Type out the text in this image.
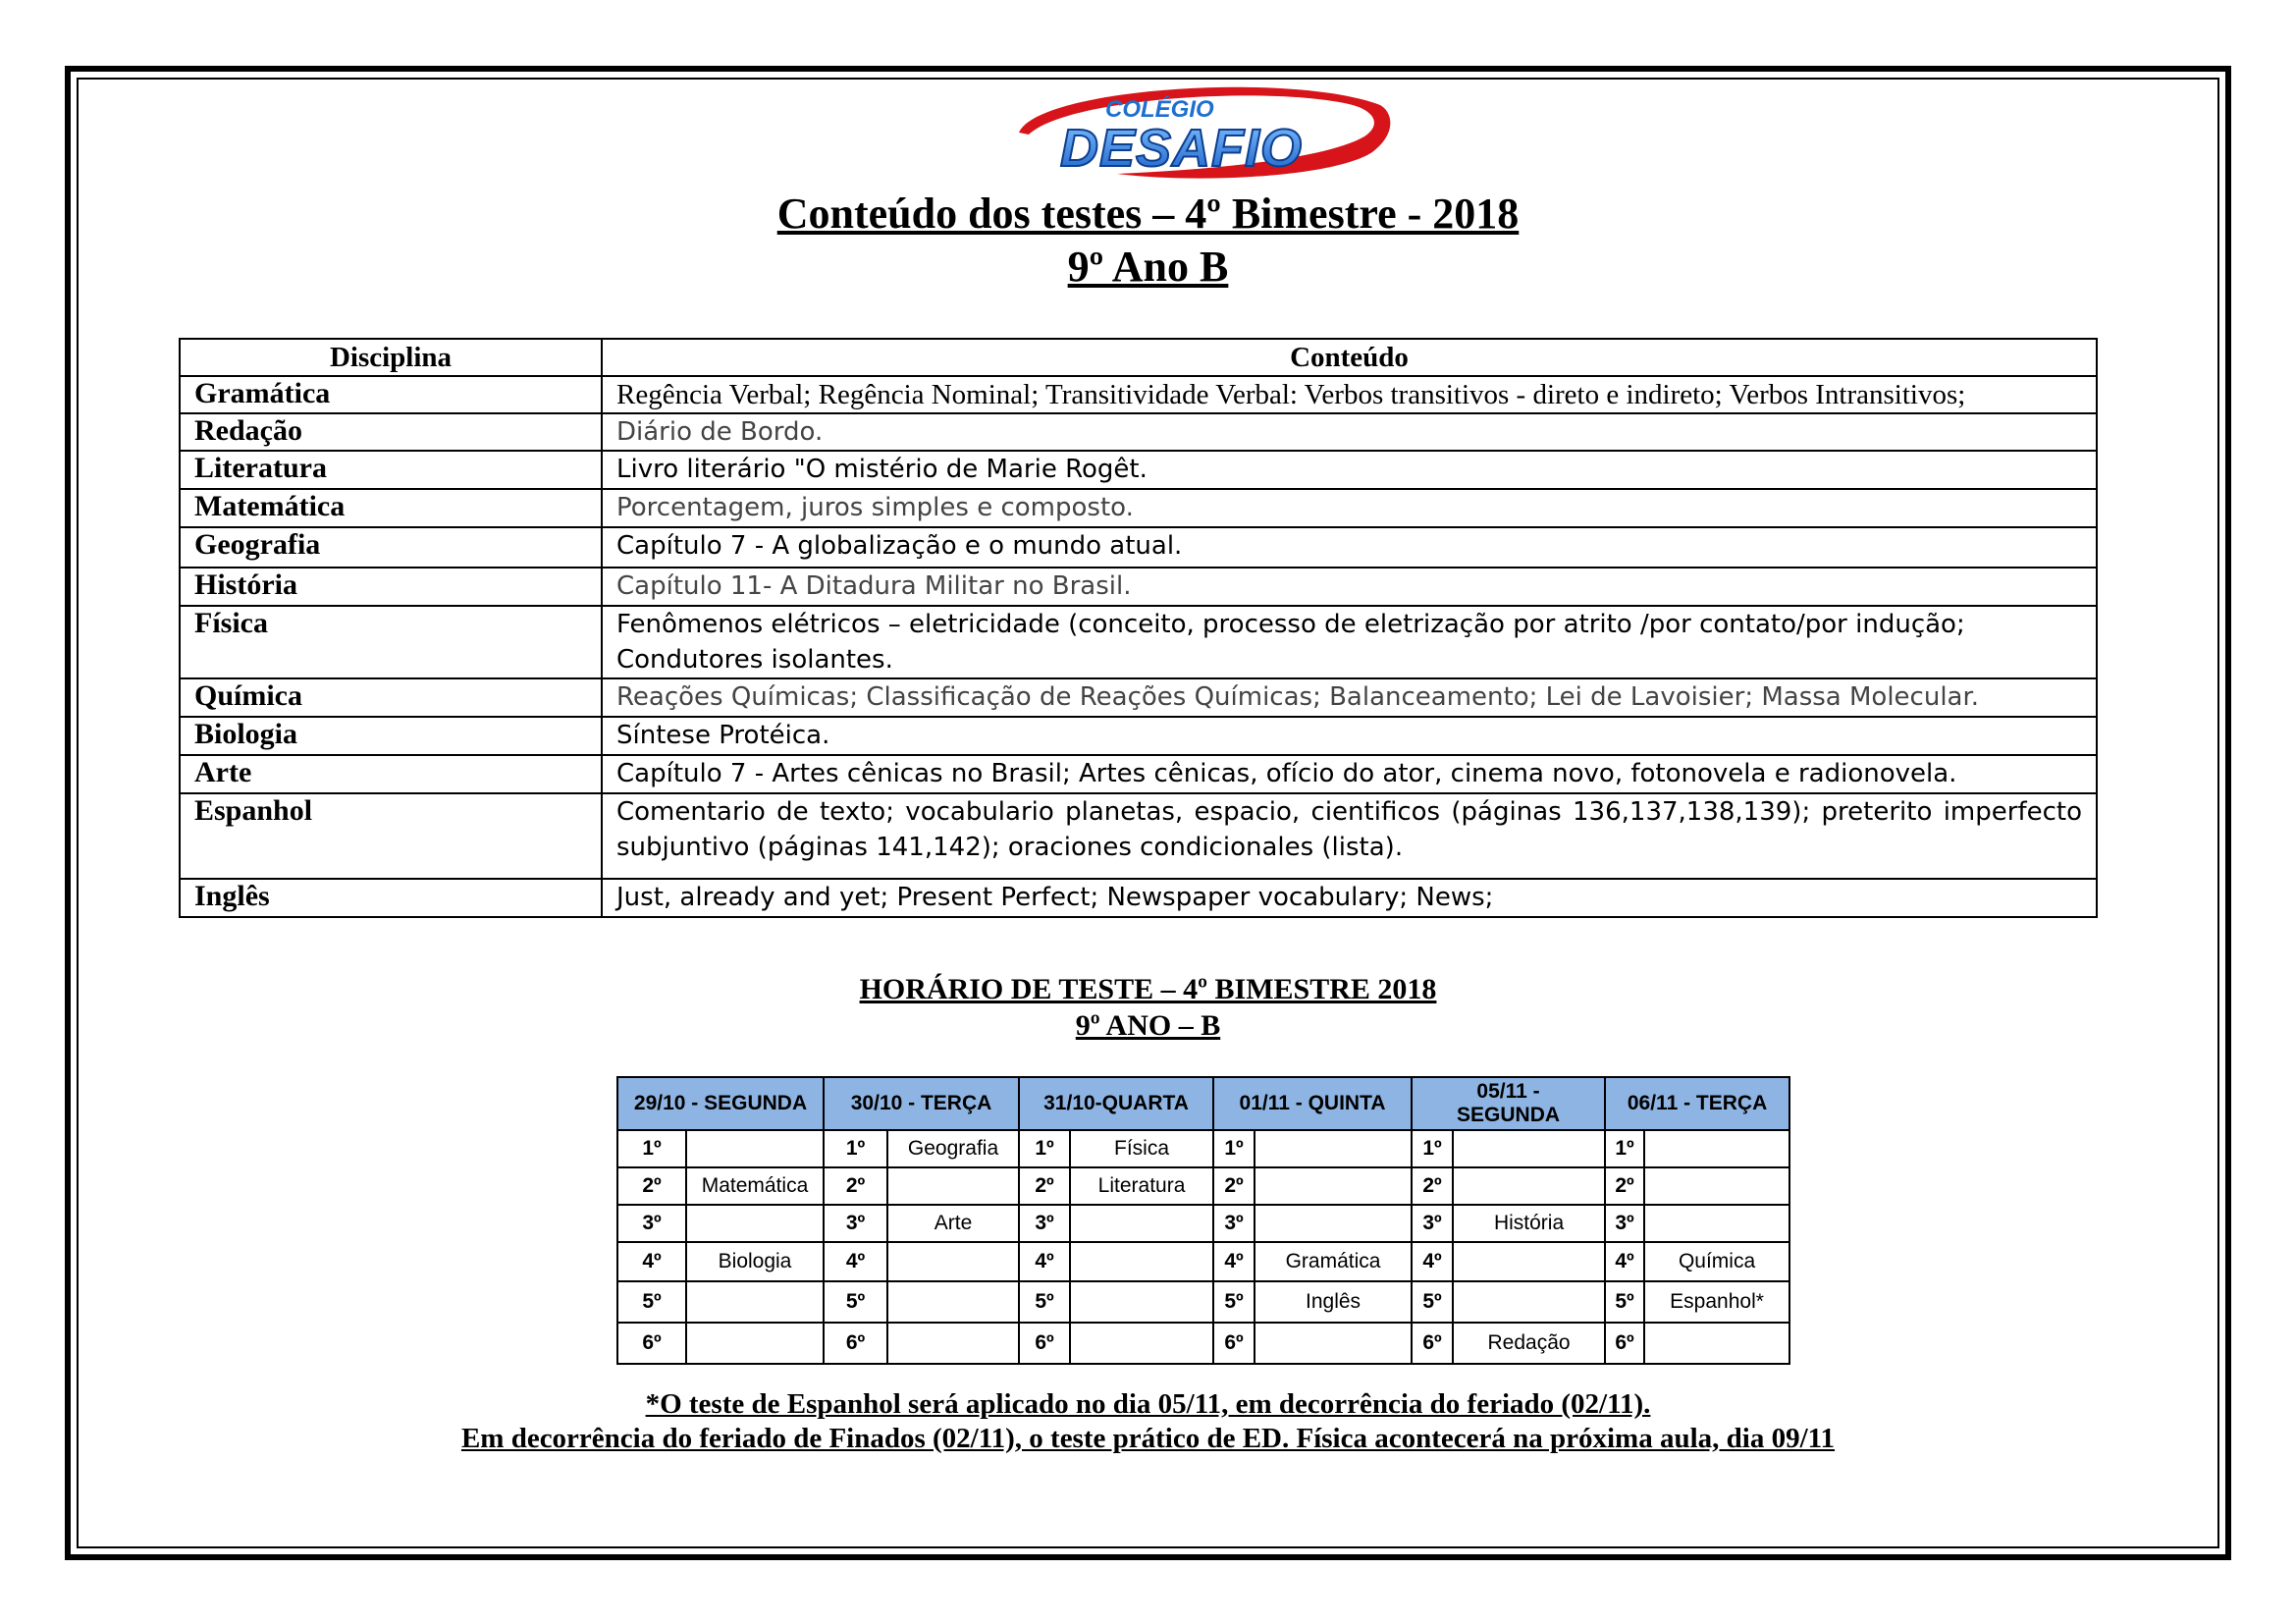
COLÉGIO
DESAFIO
Conteúdo dos testes – 4º Bimestre - 2018
9º Ano B
Disciplina	Conteúdo
Gramática	Regência Verbal; Regência Nominal; Transitividade Verbal: Verbos transitivos - direto e indireto; Verbos Intransitivos;
Redação	Diário de Bordo.
Literatura	Livro literário "O mistério de Marie Rogêt.
Matemática	Porcentagem, juros simples e composto.
Geografia	Capítulo 7 - A globalização e o mundo atual.
História	Capítulo 11- A Ditadura Militar no Brasil.
Física	Fenômenos elétricos – eletricidade (conceito, processo de eletrização por atrito /por contato/por indução; Condutores isolantes.
Química	Reações Químicas; Classificação de Reações Químicas; Balanceamento; Lei de Lavoisier; Massa Molecular.
Biologia	Síntese Protéica.
Arte	Capítulo 7 - Artes cênicas no Brasil; Artes cênicas, ofício do ator, cinema novo, fotonovela e radionovela.
Espanhol	Comentario de texto; vocabulario planetas, espacio, cientificos (páginas 136,137,138,139); preterito imperfecto subjuntivo (páginas 141,142); oraciones condicionales (lista).
Inglês	Just, already and yet; Present Perfect; Newspaper vocabulary; News;
HORÁRIO DE TESTE – 4º BIMESTRE 2018
9º ANO – B
29/10 - SEGUNDA		30/10 - TERÇA		31/10-QUARTA		01/11 - QUINTA		05/11 - SEGUNDA		06/11 - TERÇA	
1º		1º	Geografia	1º	Física	1º		1º		1º	
2º	Matemática	2º		2º	Literatura	2º		2º		2º	
3º		3º	Arte	3º		3º		3º	História	3º	
4º	Biologia	4º		4º		4º	Gramática	4º		4º	Química
5º		5º		5º		5º	Inglês	5º		5º	Espanhol*
6º		6º		6º		6º		6º	Redação	6º	
*O teste de Espanhol será aplicado no dia 05/11, em decorrência do feriado (02/11).
Em decorrência do feriado de Finados (02/11), o teste prático de ED. Física acontecerá na próxima aula, dia 09/11
